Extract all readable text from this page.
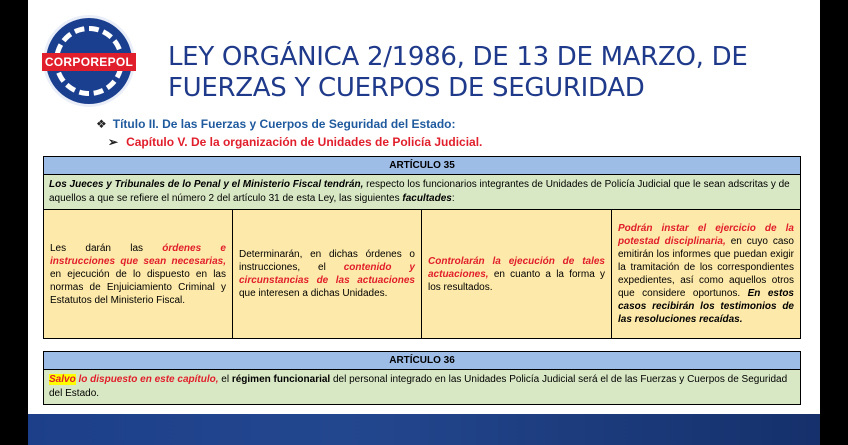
CORPOREPOL LEY ORGÁNICA 2/1986, DE 13 DE MARZO, DE FUERZAS Y CUERPOS DE SEGURIDAD
❖ Título II. De las Fuerzas y Cuerpos de Seguridad del Estado:
➢ Capítulo V. De la organización de Unidades de Policía Judicial.
ARTÍCULO 35
Los Jueces y Tribunales de lo Penal y el Ministerio Fiscal tendrán, respecto los funcionarios integrantes de Unidades de Policía Judicial que le sean adscritas y de aquellos a que se refiere el número 2 del artículo 31 de esta Ley, las siguientes facultades:

Les darán las órdenes e instrucciones que sean necesarias, en ejecución de lo dispuesto en las normas de Enjuiciamiento Criminal y Estatutos del Ministerio Fiscal.

Determinarán, en dichas órdenes o instrucciones, el contenido y circunstancias de las actuaciones que interesen a dichas Unidades.

Controlarán la ejecución de tales actuaciones, en cuanto a la forma y los resultados.

Podrán instar el ejercicio de la potestad disciplinaria, en cuyo caso emitirán los informes que puedan exigir la tramitación de los correspondientes expedientes, así como aquellos otros que considere oportunos. En estos casos recibirán los testimonios de las resoluciones recaídas.

ARTÍCULO 36
Salvo lo dispuesto en este capítulo, el régimen funcionarial del personal integrado en las Unidades Policía Judicial será el de las Fuerzas y Cuerpos de Seguridad del Estado.
